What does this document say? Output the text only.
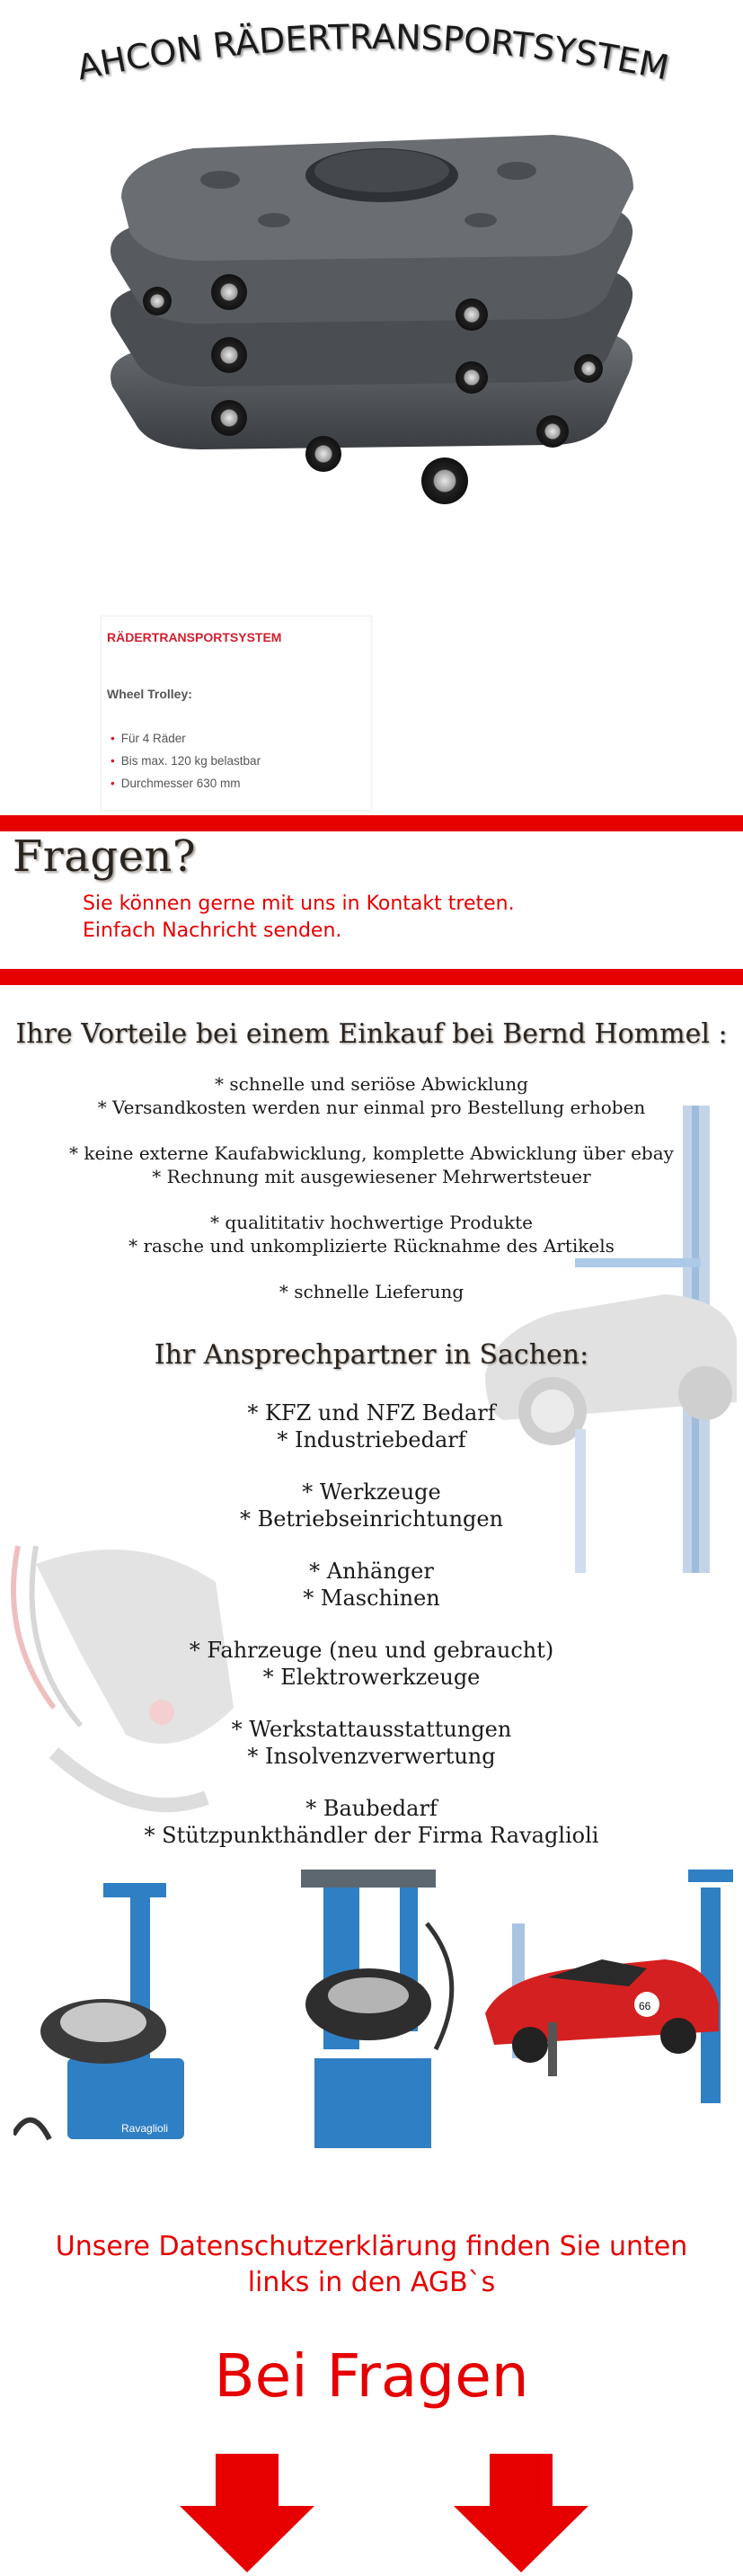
AHCON RÄDERTRANSPORTSYSTEM
RÄDERTRANSPORTSYSTEM
Wheel Trolley:
• Für 4 Räder
• Bis max. 120 kg belastbar
• Durchmesser 630 mm
Fragen?
Sie können gerne mit uns in Kontakt treten.
Einfach Nachricht senden.
Ihre Vorteile bei einem Einkauf bei Bernd Hommel :
* schnelle und seriöse Abwicklung
* Versandkosten werden nur einmal pro Bestellung erhoben
* keine externe Kaufabwicklung, komplette Abwicklung über ebay
* Rechnung mit ausgewiesener Mehrwertsteuer
* qualititativ hochwertige Produkte
* rasche und unkomplizierte Rücknahme des Artikels
* schnelle Lieferung
Ihr Ansprechpartner in Sachen:
* KFZ und NFZ Bedarf
* Industriebedarf
* Werkzeuge
* Betriebseinrichtungen
* Anhänger
* Maschinen
* Fahrzeuge (neu und gebraucht)
* Elektrowerkzeuge
* Werkstattausstattungen
* Insolvenzverwertung
* Baubedarf
* Stützpunkthändler der Firma Ravaglioli
Ravaglioli
66
Unsere Datenschutzerklärung finden Sie unten
links in den AGB`s
Bei Fragen
